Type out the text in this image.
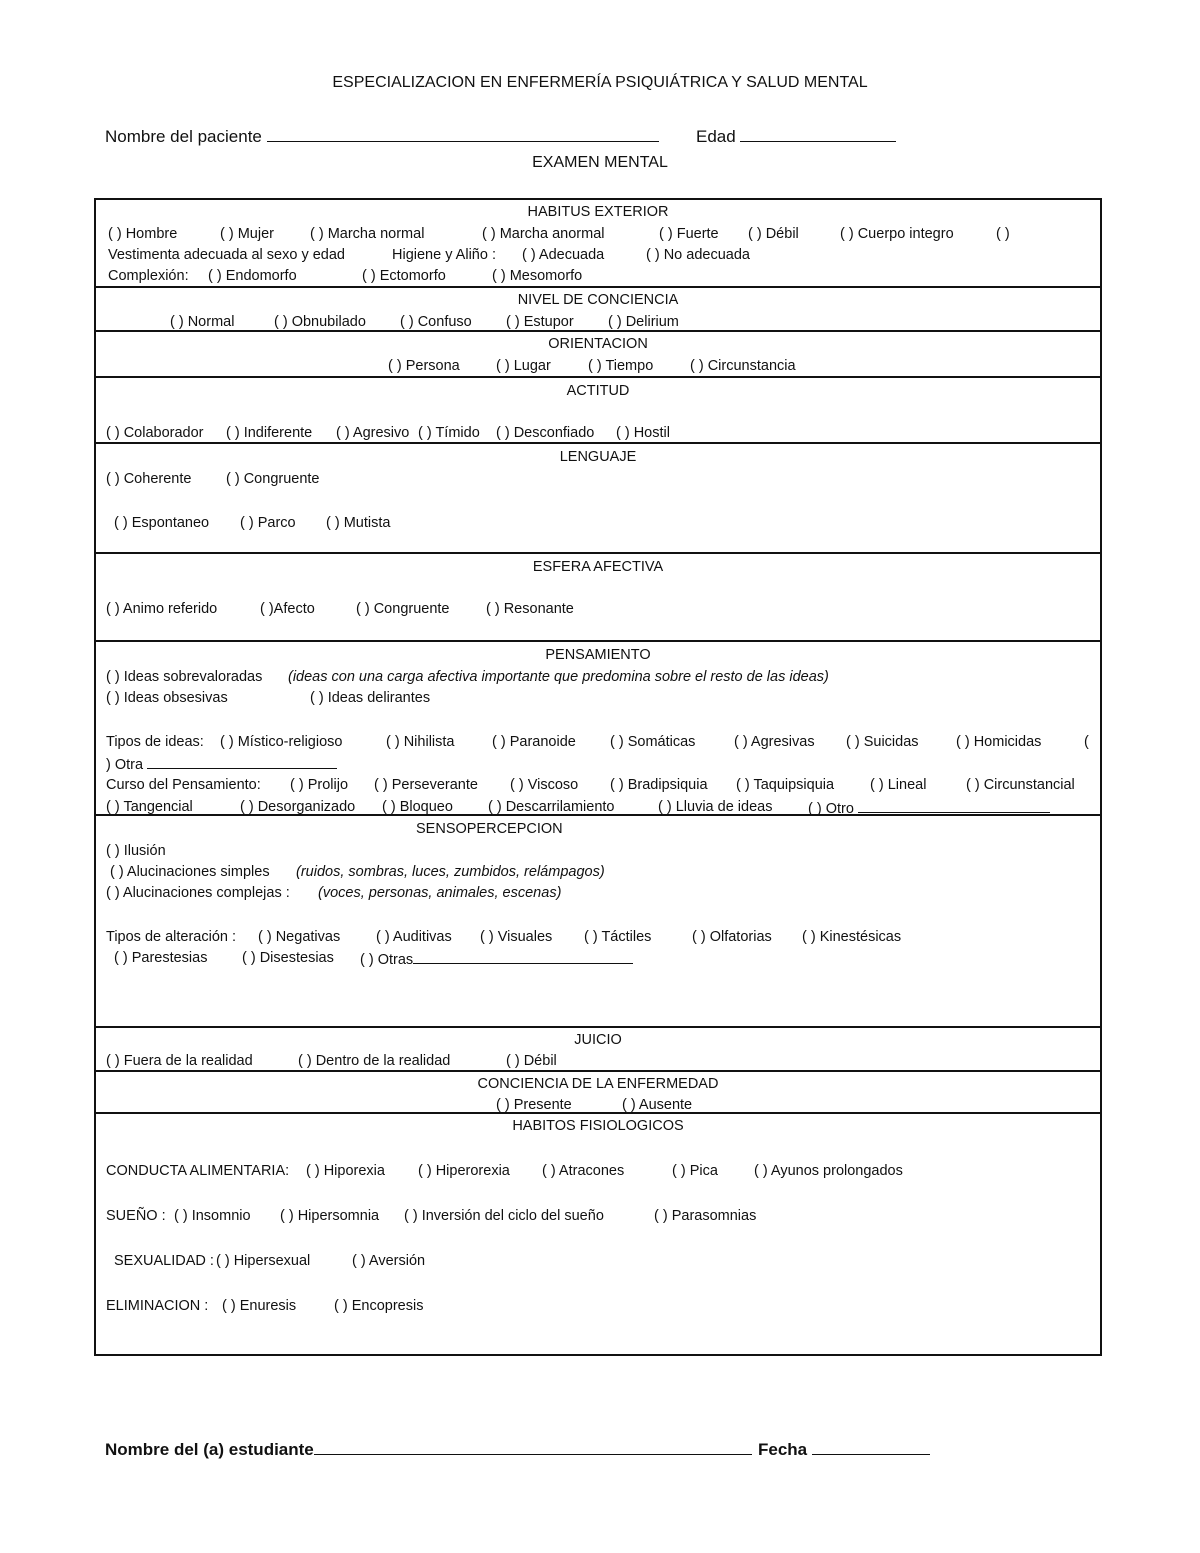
ESPECIALIZACION EN ENFERMERÍA PSIQUIÁTRICA Y SALUD MENTAL
Nombre del paciente	Edad
EXAMEN MENTAL
HABITUS EXTERIOR
( ) Hombre	( ) Mujer ( ) Marcha normal	( ) Marcha anormal	( ) Fuerte ( ) Débil	( ) Cuerpo integro	( )
Vestimenta adecuada al sexo y edad	Higiene y Aliño : ( ) Adecuada	( ) No adecuada
Complexión: ( ) Endomorfo	( ) Ectomorfo	( ) Mesomorfo
NIVEL DE CONCIENCIA
( ) Normal	( ) Obnubilado ( ) Confuso ( ) Estupor ( ) Delirium
ORIENTACION
( ) Persona	( ) Lugar	( ) Tiempo	( ) Circunstancia
ACTITUD
( ) Colaborador ( ) Indiferente ( ) Agresivo ( ) Tímido ( ) Desconfiado ( ) Hostil
LENGUAJE
( ) Coherente ( ) Congruente
( ) Espontaneo ( ) Parco ( ) Mutista
ESFERA AFECTIVA
( ) Animo referido	( )Afecto	( ) Congruente	( ) Resonante
PENSAMIENTO
( ) Ideas sobrevaloradas (ideas con una carga afectiva importante que predomina sobre el resto de las ideas)
( ) Ideas obsesivas	( ) Ideas delirantes
Tipos de ideas: ( ) Místico-religioso	( ) Nihilista	( ) Paranoide ( ) Somáticas	( ) Agresivas ( ) Suicidas	( ) Homicidas	(
) Otra
Curso del Pensamiento: ( ) Prolijo ( ) Perseverante ( ) Viscoso ( ) Bradipsiquia ( ) Taquipsiquia ( ) Lineal	( ) Circunstancial
( ) Tangencial	( ) Desorganizado ( ) Bloqueo ( ) Descarrilamiento	( ) Lluvia de ideas ( ) Otro
SENSOPERCEPCION
( ) Ilusión
( ) Alucinaciones simples (ruidos, sombras, luces, zumbidos, relámpagos)
( ) Alucinaciones complejas : (voces, personas, animales, escenas)
Tipos de alteración : ( ) Negativas ( ) Auditivas ( ) Visuales ( ) Táctiles	( ) Olfatorias ( ) Kinestésicas
( ) Parestesias ( ) Disestesias ( ) Otras
JUICIO
( ) Fuera de la realidad	( ) Dentro de la realidad	( ) Débil
CONCIENCIA DE LA ENFERMEDAD
( ) Presente	( ) Ausente
HABITOS FISIOLOGICOS
CONDUCTA ALIMENTARIA: ( ) Hiporexia ( ) Hiperorexia ( ) Atracones	( ) Pica ( ) Ayunos prolongados
SUEÑO : ( ) Insomnio ( ) Hipersomnia ( ) Inversión del ciclo del sueño	( ) Parasomnias
SEXUALIDAD : ( ) Hipersexual	( ) Aversión
ELIMINACION : ( ) Enuresis	( ) Encopresis
Nombre del (a) estudiante	Fecha
